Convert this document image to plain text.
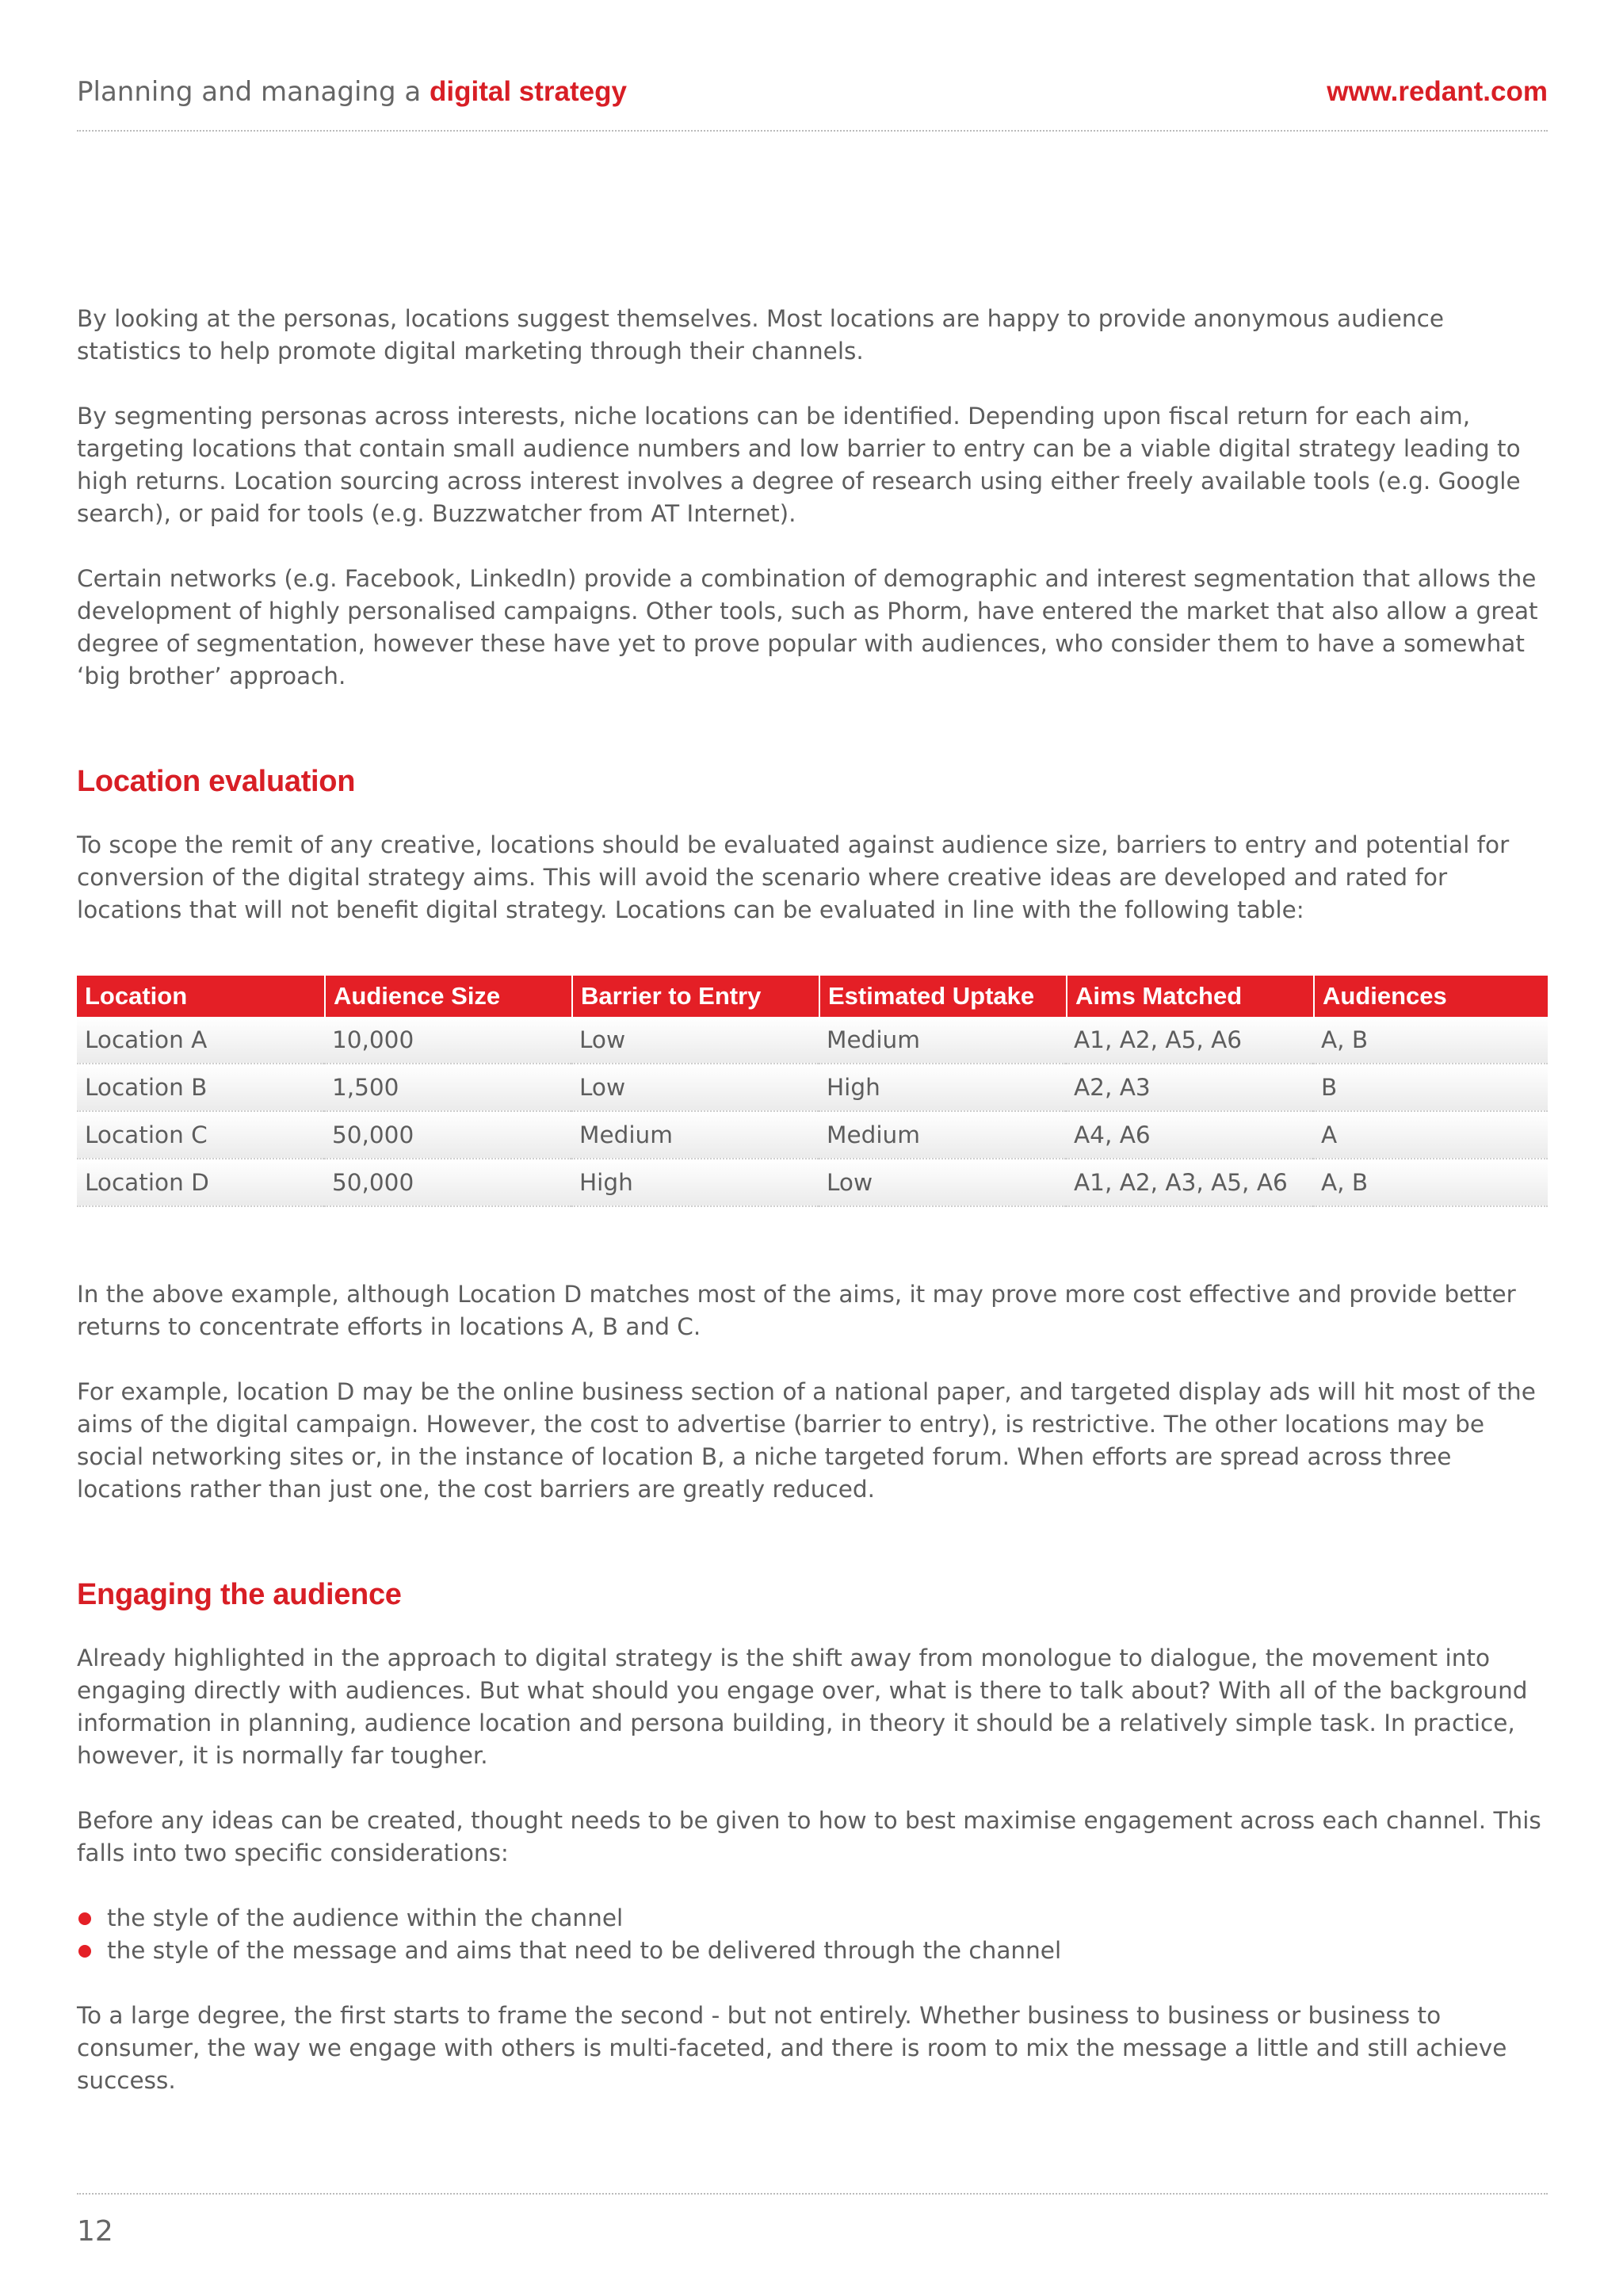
Planning and managing a digital strategy	www.redant.com

By looking at the personas, locations suggest themselves. Most locations are happy to provide anonymous audience statistics to help promote digital marketing through their channels.

By segmenting personas across interests, niche locations can be identified. Depending upon fiscal return for each aim, targeting locations that contain small audience numbers and low barrier to entry can be a viable digital strategy leading to high returns. Location sourcing across interest involves a degree of research using either freely available tools (e.g. Google search), or paid for tools (e.g. Buzzwatcher from AT Internet).

Certain networks (e.g. Facebook, LinkedIn) provide a combination of demographic and interest segmentation that allows the development of highly personalised campaigns. Other tools, such as Phorm, have entered the market that also allow a great degree of segmentation, however these have yet to prove popular with audiences, who consider them to have a somewhat ‘big brother’ approach.

Location evaluation

To scope the remit of any creative, locations should be evaluated against audience size, barriers to entry and potential for conversion of the digital strategy aims. This will avoid the scenario where creative ideas are developed and rated for locations that will not benefit digital strategy. Locations can be evaluated in line with the following table:

Location	Audience Size	Barrier to Entry	Estimated Uptake	Aims Matched	Audiences
Location A	10,000	Low	Medium	A1, A2, A5, A6	A, B
Location B	1,500	Low	High	A2, A3	B
Location C	50,000	Medium	Medium	A4, A6	A
Location D	50,000	High	Low	A1, A2, A3, A5, A6	A, B

In the above example, although Location D matches most of the aims, it may prove more cost effective and provide better returns to concentrate efforts in locations A, B and C.

For example, location D may be the online business section of a national paper, and targeted display ads will hit most of the aims of the digital campaign. However, the cost to advertise (barrier to entry), is restrictive. The other locations may be social networking sites or, in the instance of location B, a niche targeted forum. When efforts are spread across three locations rather than just one, the cost barriers are greatly reduced.

Engaging the audience

Already highlighted in the approach to digital strategy is the shift away from monologue to dialogue, the movement into engaging directly with audiences. But what should you engage over, what is there to talk about? With all of the background information in planning, audience location and persona building, in theory it should be a relatively simple task. In practice, however, it is normally far tougher.

Before any ideas can be created, thought needs to be given to how to best maximise engagement across each channel. This falls into two specific considerations:

the style of the audience within the channel
the style of the message and aims that need to be delivered through the channel

To a large degree, the first starts to frame the second - but not entirely. Whether business to business or business to consumer, the way we engage with others is multi-faceted, and there is room to mix the message a little and still achieve success.

12
